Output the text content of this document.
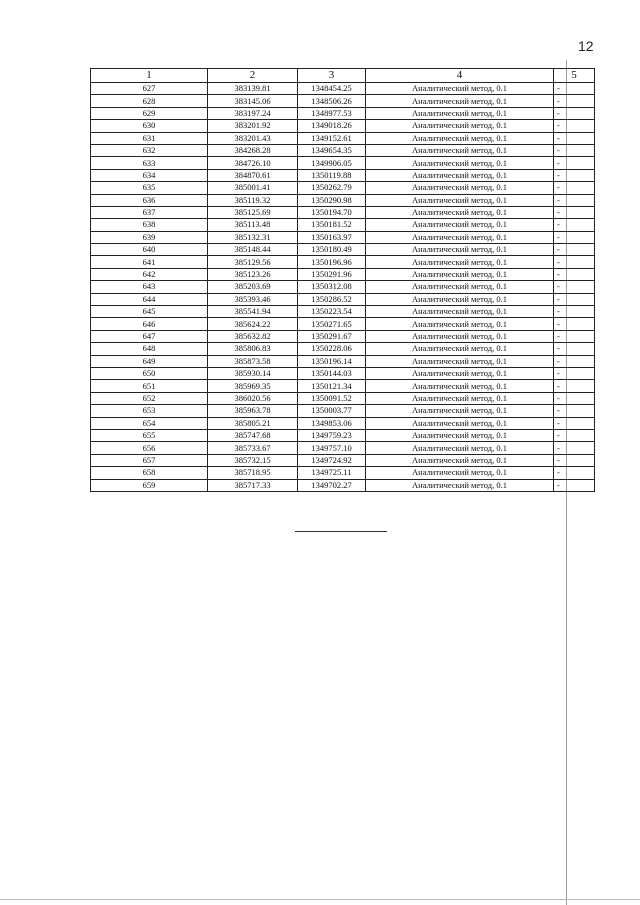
12
1	2	3	4	5
627	383139.81	1348454.25	Аналитический метод, 0.1	-
628	383145.06	1348506.26	Аналитический метод, 0.1	-
629	383197.24	1348977.53	Аналитический метод, 0.1	-
630	383201.92	1349018.26	Аналитический метод, 0.1	-
631	383201.43	1349152.61	Аналитический метод, 0.1	-
632	384268.28	1349654.35	Аналитический метод, 0.1	-
633	384726.10	1349906.05	Аналитический метод, 0.1	-
634	384870.61	1350119.88	Аналитический метод, 0.1	-
635	385001.41	1350262.79	Аналитический метод, 0.1	-
636	385119.32	1350290.98	Аналитический метод, 0.1	-
637	385125.69	1350194.70	Аналитический метод, 0.1	-
638	385113.48	1350181.52	Аналитический метод, 0.1	-
639	385132.31	1350163.97	Аналитический метод, 0.1	-
640	385148.44	1350180.49	Аналитический метод, 0.1	-
641	385129.56	1350196.96	Аналитический метод, 0.1	-
642	385123.26	1350291.96	Аналитический метод, 0.1	-
643	385203.69	1350312.08	Аналитический метод, 0.1	-
644	385393.46	1350286.52	Аналитический метод, 0.1	-
645	385541.94	1350223.54	Аналитический метод, 0.1	-
646	385624.22	1350271.65	Аналитический метод, 0.1	-
647	385632.82	1350291.67	Аналитический метод, 0.1	-
648	385806.83	1350228.06	Аналитический метод, 0.1	-
649	385873.58	1350196.14	Аналитический метод, 0.1	-
650	385930.14	1350144.03	Аналитический метод, 0.1	-
651	385969.35	1350121.34	Аналитический метод, 0.1	-
652	386020.56	1350091.52	Аналитический метод, 0.1	-
653	385963.78	1350003.77	Аналитический метод, 0.1	-
654	385805.21	1349853.06	Аналитический метод, 0.1	-
655	385747.68	1349759.23	Аналитический метод, 0.1	-
656	385733.67	1349757.10	Аналитический метод, 0.1	-
657	385732.15	1349724.92	Аналитический метод, 0.1	-
658	385718.95	1349725.11	Аналитический метод, 0.1	-
659	385717.33	1349702.27	Аналитический метод, 0.1	-
